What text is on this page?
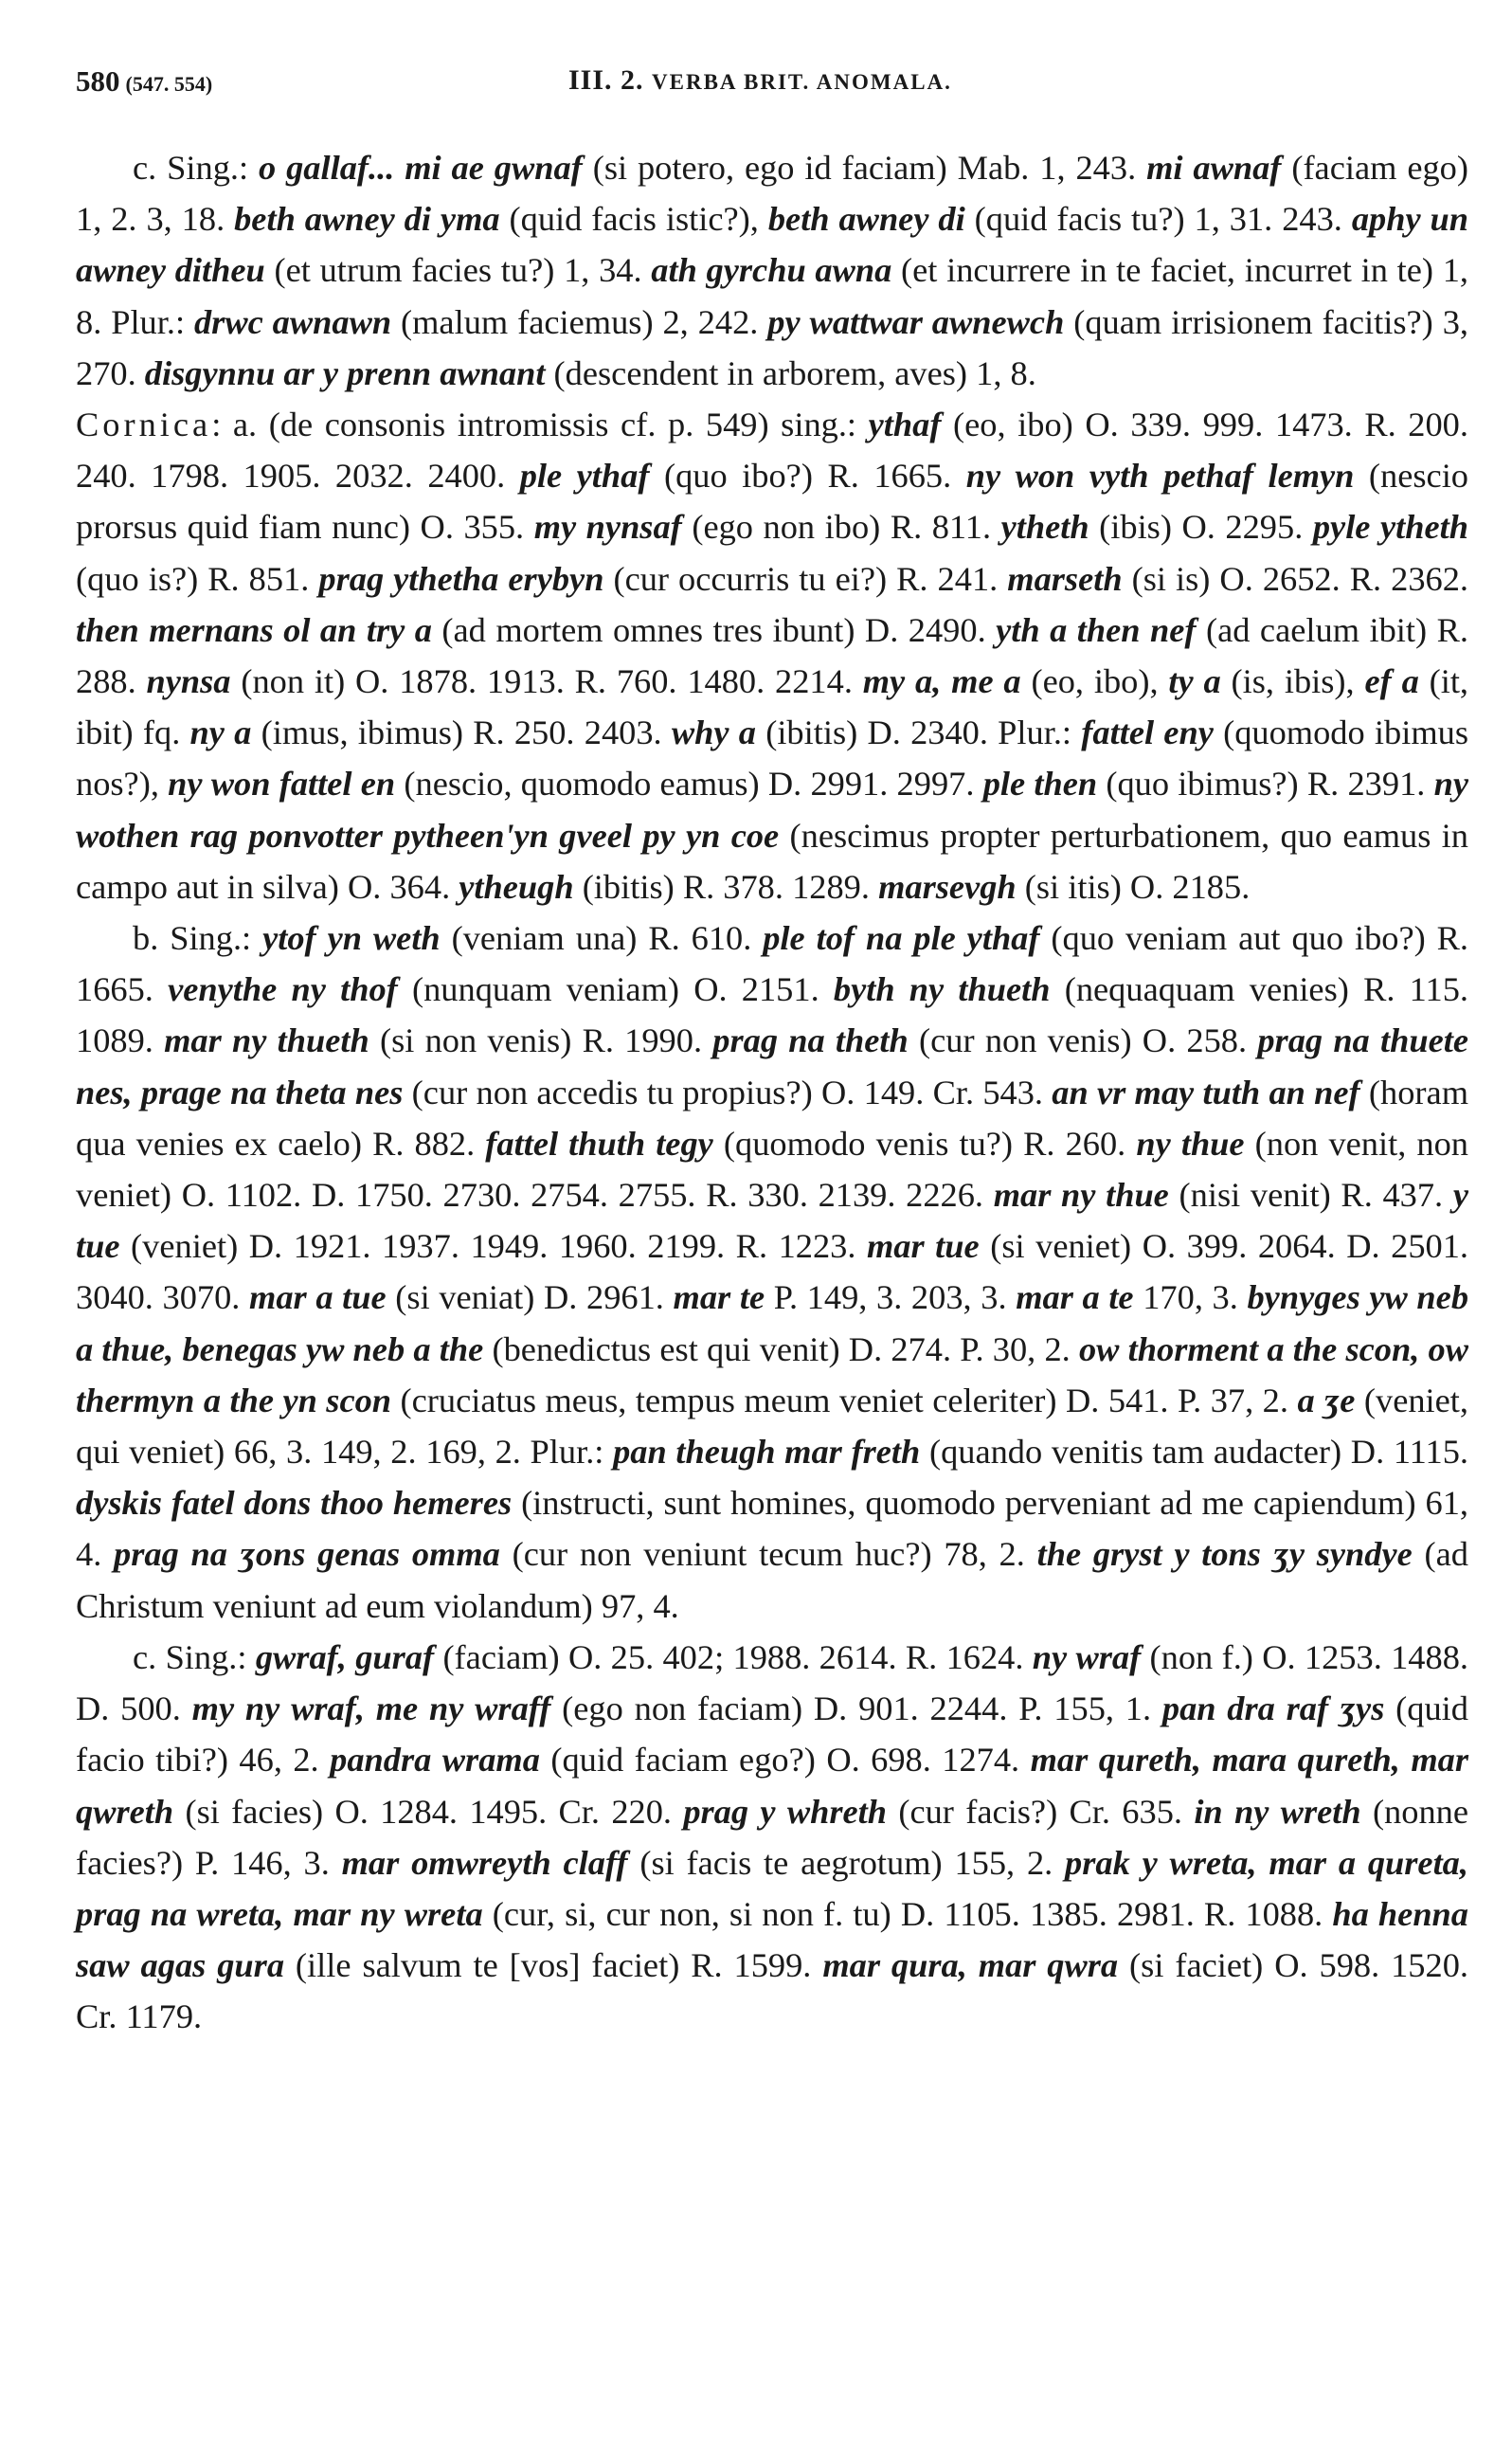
580 (547. 554)	III. 2. VERBA BRIT. ANOMALA.

c. Sing.: o gallaf... mi ae gwnaf (si potero, ego id faciam) Mab. 1, 243. mi awnaf (faciam ego) 1, 2. 3, 18. beth awney di yma (quid facis istic?), beth awney di (quid facis tu?) 1, 31. 243. aphy un awney ditheu (et utrum facies tu?) 1, 34. ath gyrchu awna (et incurrere in te faciet, incurret in te) 1, 8. Plur.: drwc awnawn (malum faciemus) 2, 242. py wattwar awnewch (quam irrisionem facitis?) 3, 270. disgynnu ar y prenn awnant (descendent in arborem, aves) 1, 8.

Cornica: a. (de consonis intromissis cf. p. 549) sing.: ythaf (eo, ibo) O. 339. 999. 1473. R. 200. 240. 1798. 1905. 2032. 2400. ple ythaf (quo ibo?) R. 1665. ny won vyth pethaf lemyn (nescio prorsus quid fiam nunc) O. 355. my nynsaf (ego non ibo) R. 811. ytheth (ibis) O. 2295. pyle ytheth (quo is?) R. 851. prag ythetha erybyn (cur occurris tu ei?) R. 241. marseth (si is) O. 2652. R. 2362. then mernans ol an try a (ad mortem omnes tres ibunt) D. 2490. yth a then nef (ad caelum ibit) R. 288. nynsa (non it) O. 1878. 1913. R. 760. 1480. 2214. my a, me a (eo, ibo), ty a (is, ibis), ef a (it, ibit) fq. ny a (imus, ibimus) R. 250. 2403. why a (ibitis) D. 2340. Plur.: fattel eny (quomodo ibimus nos?), ny won fattel en (nescio, quomodo eamus) D. 2991. 2997. ple then (quo ibimus?) R. 2391. ny wothen rag ponvotter pytheen'yn gveel py yn coe (nescimus propter perturbationem, quo eamus in campo aut in silva) O. 364. ytheugh (ibitis) R. 378. 1289. marsevgh (si itis) O. 2185.

b. Sing.: ytof yn weth (veniam una) R. 610. ple tof na ple ythaf (quo veniam aut quo ibo?) R. 1665. venythe ny thof (nunquam veniam) O. 2151. byth ny thueth (nequaquam venies) R. 115. 1089. mar ny thueth (si non venis) R. 1990. prag na theth (cur non venis) O. 258. prag na thuete nes, prage na theta nes (cur non accedis tu propius?) O. 149. Cr. 543. an vr may tuth an nef (horam qua venies ex caelo) R. 882. fattel thuth tegy (quomodo venis tu?) R. 260. ny thue (non venit, non veniet) O. 1102. D. 1750. 2730. 2754. 2755. R. 330. 2139. 2226. mar ny thue (nisi venit) R. 437. y tue (veniet) D. 1921. 1937. 1949. 1960. 2199. R. 1223. mar tue (si veniet) O. 399. 2064. D. 2501. 3040. 3070. mar a tue (si veniat) D. 2961. mar te P. 149, 3. 203, 3. mar a te 170, 3. bynyges yw neb a thue, benegas yw neb a the (benedictus est qui venit) D. 274. P. 30, 2. ow thorment a the scon, ow thermyn a the yn scon (cruciatus meus, tempus meum veniet celeriter) D. 541. P. 37, 2. a ʒe (veniet, qui veniet) 66, 3. 149, 2. 169, 2. Plur.: pan theugh mar freth (quando venitis tam audacter) D. 1115. dyskis fatel dons thoo hemeres (instructi, sunt homines, quomodo perveniant ad me capiendum) 61, 4. prag na ʒons genas omma (cur non veniunt tecum huc?) 78, 2. the gryst y tons ʒy syndye (ad Christum veniunt ad eum violandum) 97, 4.

c. Sing.: gwraf, guraf (faciam) O. 25. 402; 1988. 2614. R. 1624. ny wraf (non f.) O. 1253. 1488. D. 500. my ny wraf, me ny wraff (ego non faciam) D. 901. 2244. P. 155, 1. pan dra raf ʒys (quid facio tibi?) 46, 2. pandra wrama (quid faciam ego?) O. 698. 1274. mar qureth, mara qureth, mar qwreth (si facies) O. 1284. 1495. Cr. 220. prag y whreth (cur facis?) Cr. 635. in ny wreth (nonne facies?) P. 146, 3. mar omwreyth claff (si facis te aegrotum) 155, 2. prak y wreta, mar a qureta, prag na wreta, mar ny wreta (cur, si, cur non, si non f. tu) D. 1105. 1385. 2981. R. 1088. ha henna saw agas gura (ille salvum te [vos] faciet) R. 1599. mar qura, mar qwra (si faciet) O. 598. 1520. Cr. 1179.
